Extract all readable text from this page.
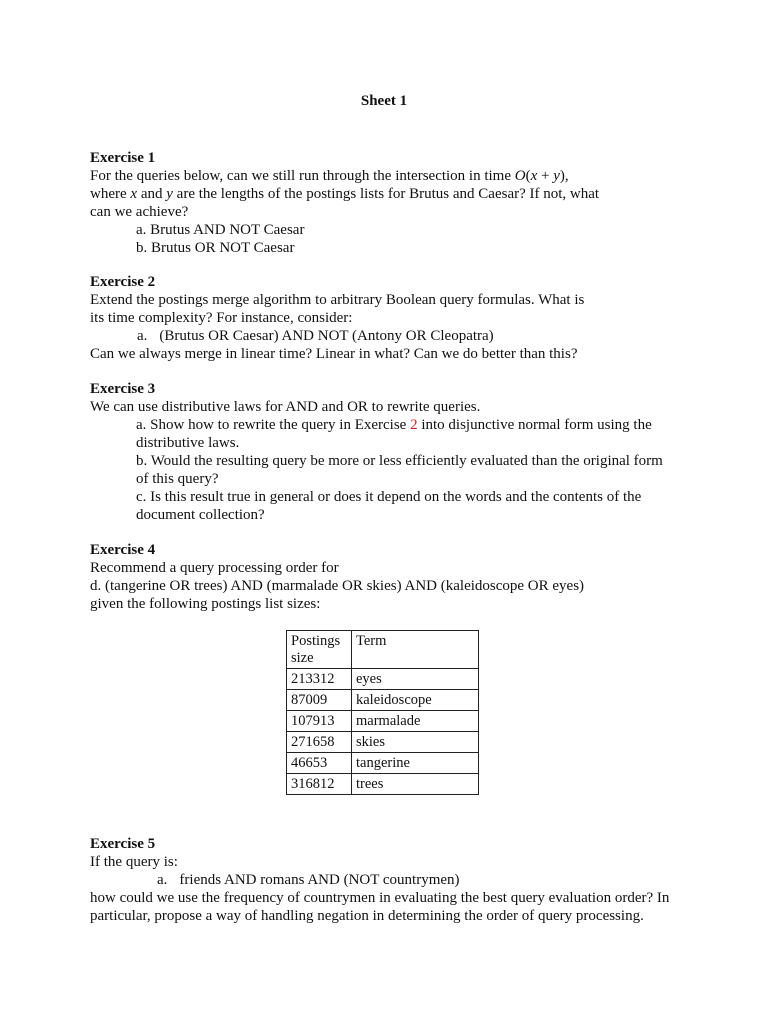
Sheet 1
Exercise 1
For the queries below, can we still run through the intersection in time O(x + y),
where x and y are the lengths of the postings lists for Brutus and Caesar? If not, what
can we achieve?
a. Brutus AND NOT Caesar
b. Brutus OR NOT Caesar
Exercise 2
Extend the postings merge algorithm to arbitrary Boolean query formulas. What is
its time complexity? For instance, consider:
a. (Brutus OR Caesar) AND NOT (Antony OR Cleopatra)
Can we always merge in linear time? Linear in what? Can we do better than this?
Exercise 3
We can use distributive laws for AND and OR to rewrite queries.
a. Show how to rewrite the query in Exercise 2 into disjunctive normal form using the
distributive laws.
b. Would the resulting query be more or less efficiently evaluated than the original form
of this query?
c. Is this result true in general or does it depend on the words and the contents of the
document collection?
Exercise 4
Recommend a query processing order for
d. (tangerine OR trees) AND (marmalade OR skies) AND (kaleidoscope OR eyes)
given the following postings list sizes:
Postings size	Term
213312	eyes
87009	kaleidoscope
107913	marmalade
271658	skies
46653	tangerine
316812	trees
Exercise 5
If the query is:
a. friends AND romans AND (NOT countrymen)
how could we use the frequency of countrymen in evaluating the best query evaluation order? In
particular, propose a way of handling negation in determining the order of query processing.
